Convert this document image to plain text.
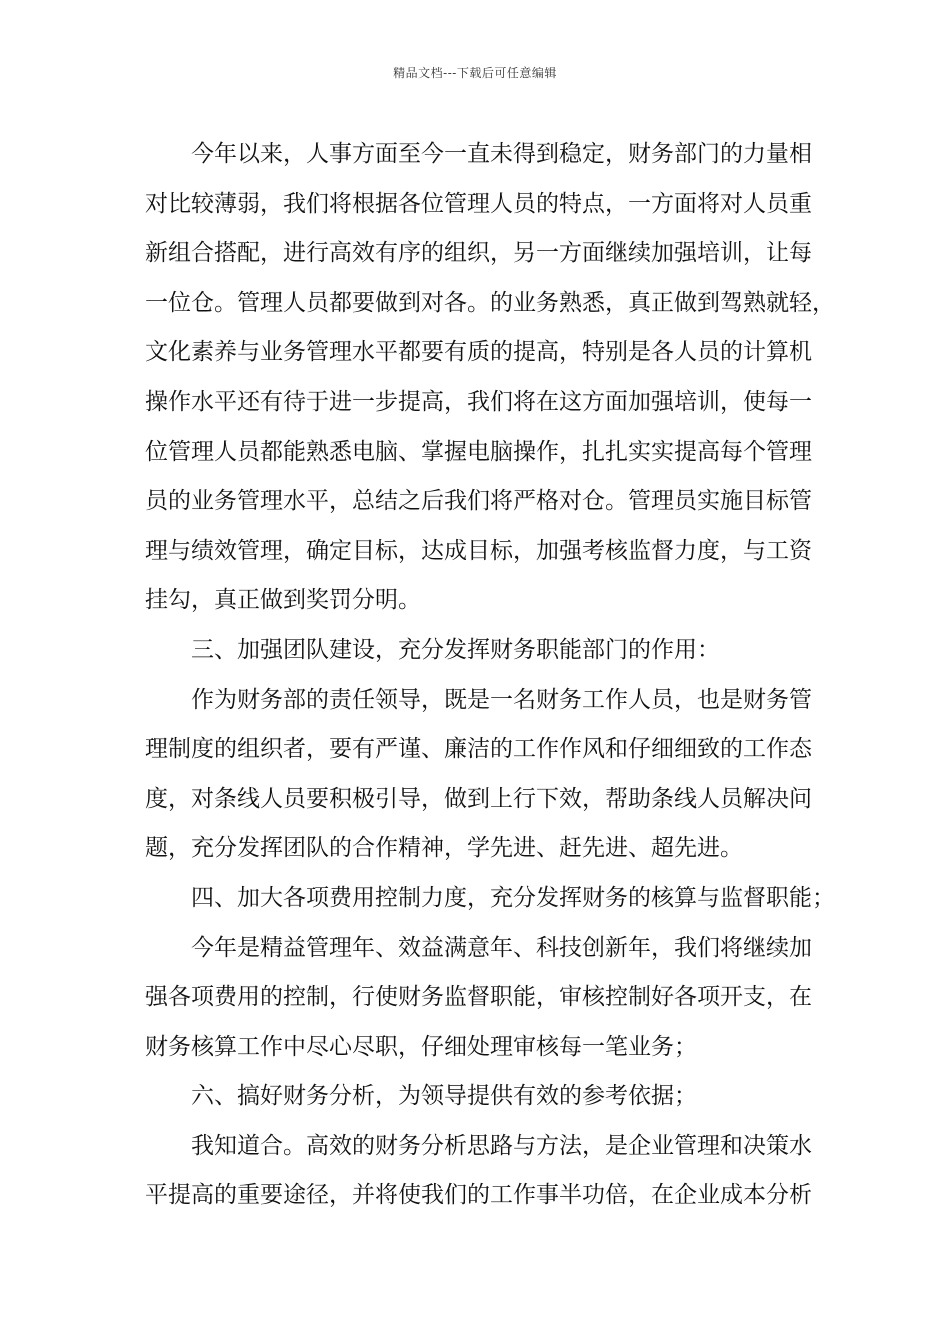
精品文档---下载后可任意编辑
今年以来，人事方面至今一直未得到稳定，财务部门的力量相
对比较薄弱，我们将根据各位管理人员的特点，一方面将对人员重
新组合搭配，进行高效有序的组织，另一方面继续加强培训，让每
一位仓。管理人员都要做到对各。的业务熟悉，真正做到驾熟就轻，
文化素养与业务管理水平都要有质的提高，特别是各人员的计算机
操作水平还有待于进一步提高，我们将在这方面加强培训，使每一
位管理人员都能熟悉电脑、掌握电脑操作，扎扎实实提高每个管理
员的业务管理水平，总结之后我们将严格对仓。管理员实施目标管
理与绩效管理，确定目标，达成目标，加强考核监督力度，与工资
挂勾，真正做到奖罚分明。
三、加强团队建设，充分发挥财务职能部门的作用：
作为财务部的责任领导，既是一名财务工作人员，也是财务管
理制度的组织者，要有严谨、廉洁的工作作风和仔细细致的工作态
度，对条线人员要积极引导，做到上行下效，帮助条线人员解决问
题，充分发挥团队的合作精神，学先进、赶先进、超先进。
四、加大各项费用控制力度，充分发挥财务的核算与监督职能；
今年是精益管理年、效益满意年、科技创新年，我们将继续加
强各项费用的控制，行使财务监督职能，审核控制好各项开支，在
财务核算工作中尽心尽职，仔细处理审核每一笔业务；
六、搞好财务分析，为领导提供有效的参考依据；
我知道合。高效的财务分析思路与方法，是企业管理和决策水
平提高的重要途径，并将使我们的工作事半功倍，在企业成本分析
